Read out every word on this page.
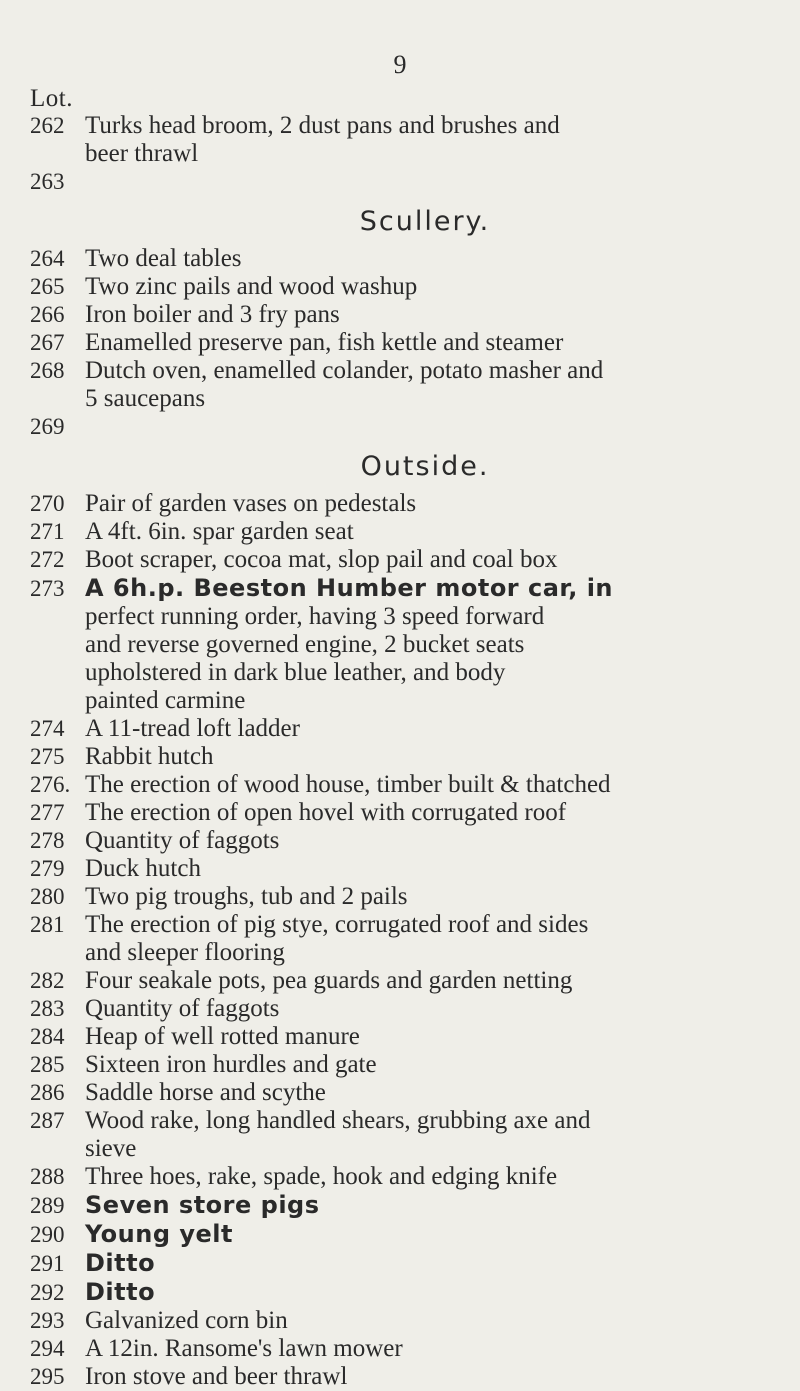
9
Lot.
262 Turks head broom, 2 dust pans and brushes and
beer thrawl
263
Scullery.
264 Two deal tables
265 Two zinc pails and wood washup
266 Iron boiler and 3 fry pans
267 Enamelled preserve pan, fish kettle and steamer
268 Dutch oven, enamelled colander, potato masher and
5 saucepans
269
Outside.
270 Pair of garden vases on pedestals
271 A 4ft. 6in. spar garden seat
272 Boot scraper, cocoa mat, slop pail and coal box
273 A 6h.p. Beeston Humber motor car, in
perfect running order, having 3 speed forward
and reverse governed engine, 2 bucket seats
upholstered in dark blue leather, and body
painted carmine
274 A 11-tread loft ladder
275 Rabbit hutch
276. The erection of wood house, timber built & thatched
277 The erection of open hovel with corrugated roof
278 Quantity of faggots
279 Duck hutch
280 Two pig troughs, tub and 2 pails
281 The erection of pig stye, corrugated roof and sides
and sleeper flooring
282 Four seakale pots, pea guards and garden netting
283 Quantity of faggots
284 Heap of well rotted manure
285 Sixteen iron hurdles and gate
286 Saddle horse and scythe
287 Wood rake, long handled shears, grubbing axe and
sieve
288 Three hoes, rake, spade, hook and edging knife
289 Seven store pigs
290 Young yelt
291 Ditto
292 Ditto
293 Galvanized corn bin
294 A 12in. Ransome's lawn mower
295 Iron stove and beer thrawl
